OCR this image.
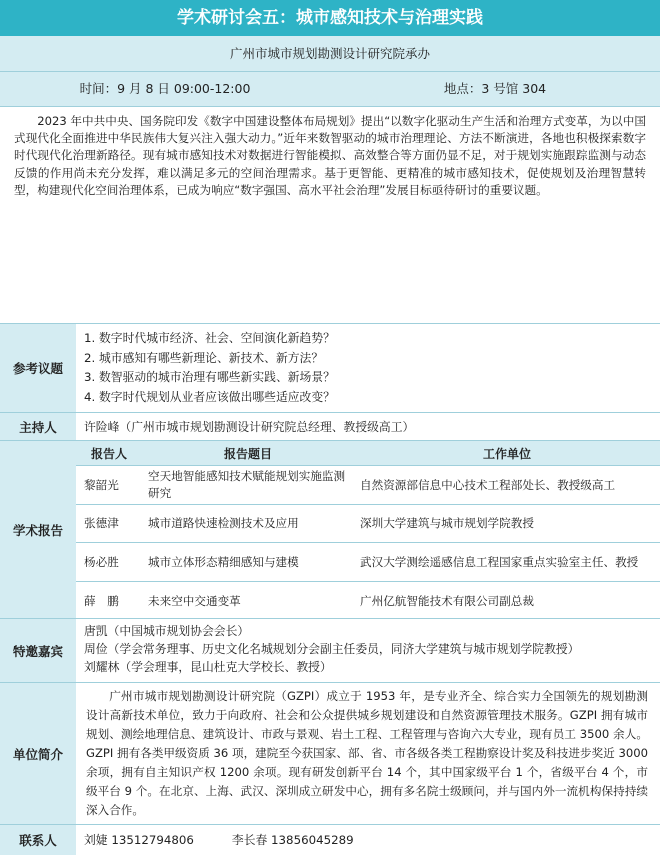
学术研讨会五：城市感知技术与治理实践
广州市城市规划勘测设计研究院承办
时间：9 月 8 日 09:00-12:00	地点：3 号馆 304
2023 年中共中央、国务院印发《数字中国建设整体布局规划》提出“以数字化驱动生产生活和治理方式变革，为以中国式现代化全面推进中华民族伟大复兴注入强大动力。”近年来数智驱动的城市治理理论、方法不断演进，各地也积极探索数字时代现代化治理新路径。现有城市感知技术对数据进行智能模拟、高效整合等方面仍显不足，对于规划实施跟踪监测与动态反馈的作用尚未充分发挥，难以满足多元的空间治理需求。基于更智能、更精准的城市感知技术，促使规划及治理智慧转型，构建现代化空间治理体系，已成为响应“数字强国、高水平社会治理”发展目标亟待研讨的重要议题。
参考议题
1. 数字时代城市经济、社会、空间演化新趋势？
2. 城市感知有哪些新理论、新技术、新方法？
3. 数智驱动的城市治理有哪些新实践、新场景？
4. 数字时代规划从业者应该做出哪些适应改变？
主持人	许险峰（广州市城市规划勘测设计研究院总经理、教授级高工）
学术报告
报告人	报告题目	工作单位
黎韶光	空天地智能感知技术赋能规划实施监测研究	自然资源部信息中心技术工程部处长、教授级高工
张德津	城市道路快速检测技术及应用	深圳大学建筑与城市规划学院教授
杨必胜	城市立体形态精细感知与建模	武汉大学测绘遥感信息工程国家重点实验室主任、教授
薛　鹏	未来空中交通变革	广州亿航智能技术有限公司副总裁
特邀嘉宾
唐凯（中国城市规划协会会长）
周俭（学会常务理事、历史文化名城规划分会副主任委员，同济大学建筑与城市规划学院教授）
刘耀林（学会理事，昆山杜克大学校长、教授）
单位简介
广州市城市规划勘测设计研究院（GZPI）成立于 1953 年，是专业齐全、综合实力全国领先的规划勘测设计高新技术单位，致力于向政府、社会和公众提供城乡规划建设和自然资源管理技术服务。GZPI 拥有城市规划、测绘地理信息、建筑设计、市政与景观、岩土工程、工程管理与咨询六大专业，现有员工 3500 余人。GZPI 拥有各类甲级资质 36 项，建院至今获国家、部、省、市各级各类工程勘察设计奖及科技进步奖近 3000 余项，拥有自主知识产权 1200 余项。现有研发创新平台 14 个，其中国家级平台 1 个，省级平台 4 个，市级平台 9 个。在北京、上海、武汉、深圳成立研发中心，拥有多名院士级顾问，并与国内外一流机构保持持续深入合作。
联系人	刘婕 13512794806	李长春 13856045289
